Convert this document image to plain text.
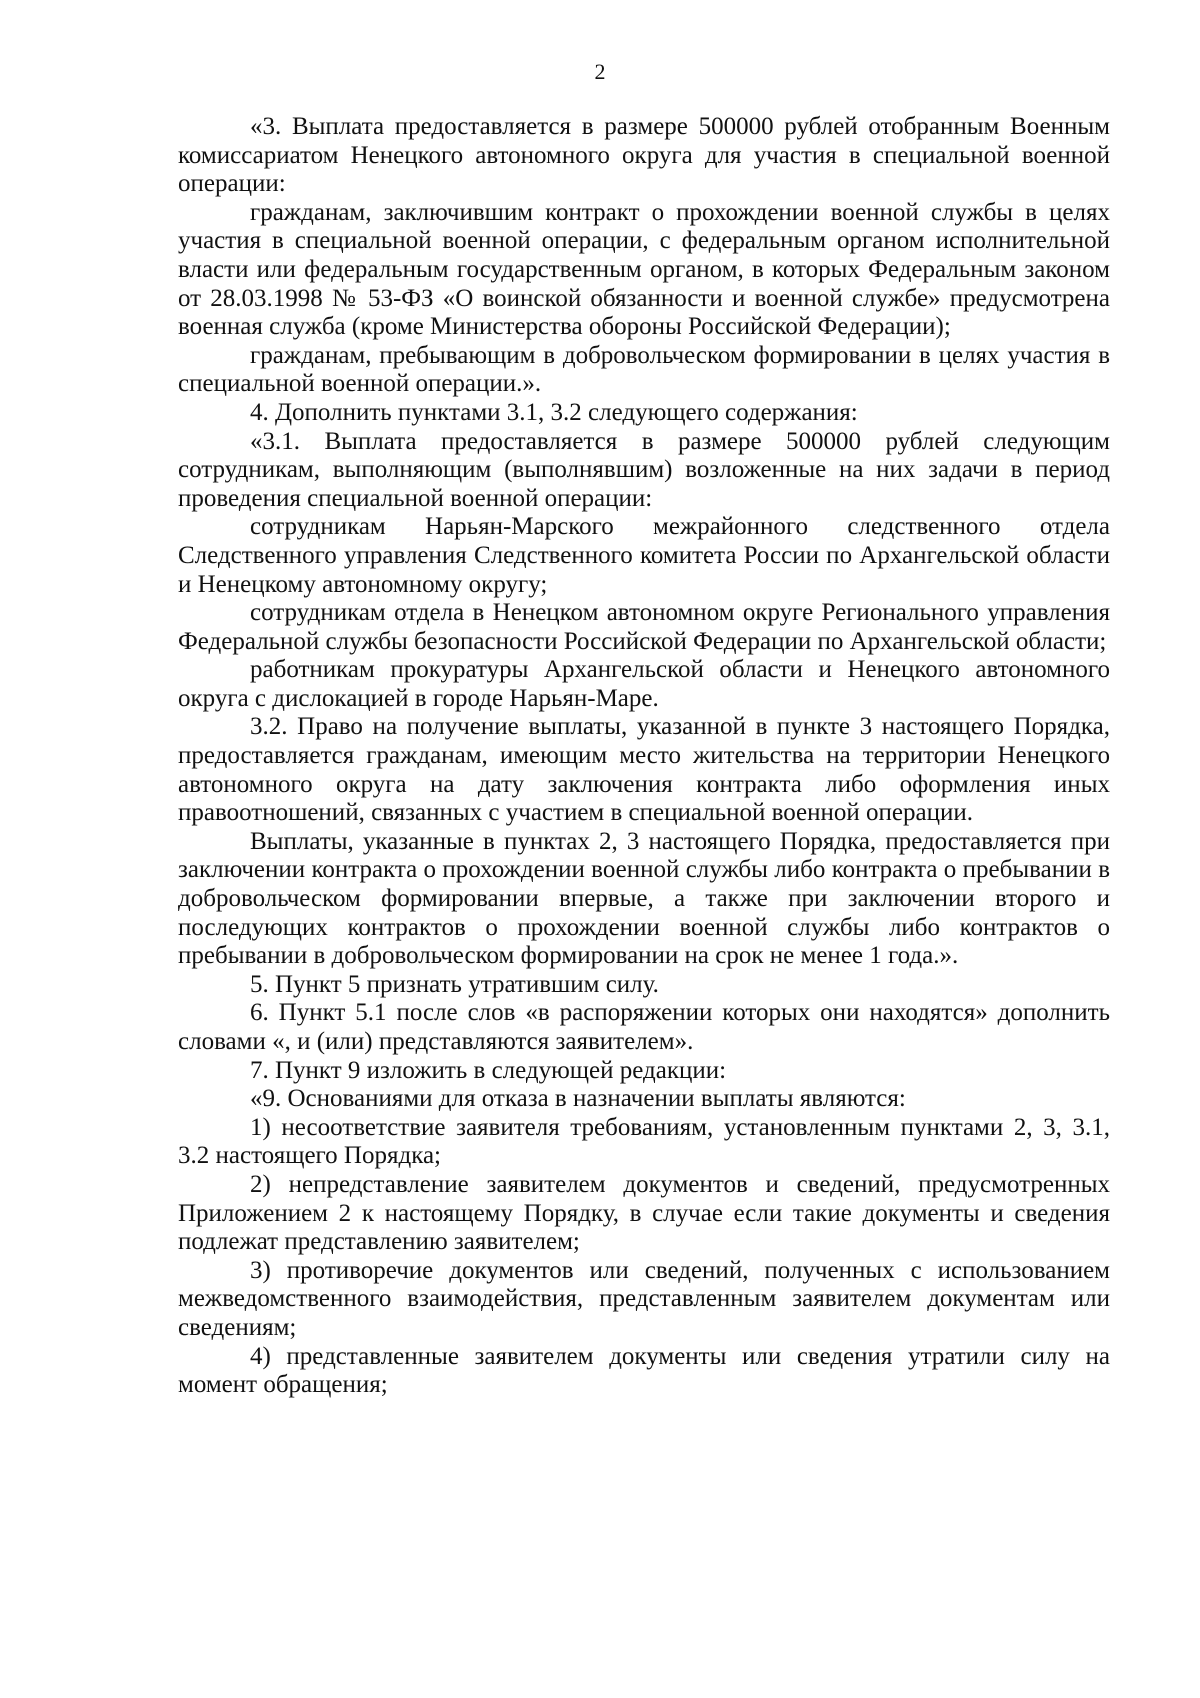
2

«3. Выплата предоставляется в размере 500000 рублей отобранным Военным комиссариатом Ненецкого автономного округа для участия в специальной военной операции:

гражданам, заключившим контракт о прохождении военной службы в целях участия в специальной военной операции, с федеральным органом исполнительной власти или федеральным государственным органом, в которых Федеральным законом от 28.03.1998 № 53-ФЗ «О воинской обязанности и военной службе» предусмотрена военная служба (кроме Министерства обороны Российской Федерации);

гражданам, пребывающим в добровольческом формировании в целях участия в специальной военной операции.».

4. Дополнить пунктами 3.1, 3.2 следующего содержания:

«3.1. Выплата предоставляется в размере 500000 рублей следующим сотрудникам, выполняющим (выполнявшим) возложенные на них задачи в период проведения специальной военной операции:

сотрудникам Нарьян-Марского межрайонного следственного отдела Следственного управления Следственного комитета России по Архангельской области и Ненецкому автономному округу;

сотрудникам отдела в Ненецком автономном округе Регионального управления Федеральной службы безопасности Российской Федерации по Архангельской области;

работникам прокуратуры Архангельской области и Ненецкого автономного округа с дислокацией в городе Нарьян-Маре.

3.2. Право на получение выплаты, указанной в пункте 3 настоящего Порядка, предоставляется гражданам, имеющим место жительства на территории Ненецкого автономного округа на дату заключения контракта либо оформления иных правоотношений, связанных с участием в специальной военной операции.

Выплаты, указанные в пунктах 2, 3 настоящего Порядка, предоставляется при заключении контракта о прохождении военной службы либо контракта о пребывании в добровольческом формировании впервые, а также при заключении второго и последующих контрактов о прохождении военной службы либо контрактов о пребывании в добровольческом формировании на срок не менее 1 года.».

5. Пункт 5 признать утратившим силу.

6. Пункт 5.1 после слов «в распоряжении которых они находятся» дополнить словами «, и (или) представляются заявителем».

7. Пункт 9 изложить в следующей редакции:

«9. Основаниями для отказа в назначении выплаты являются:

1) несоответствие заявителя требованиям, установленным пунктами 2, 3, 3.1, 3.2 настоящего Порядка;

2) непредставление заявителем документов и сведений, предусмотренных Приложением 2 к настоящему Порядку, в случае если такие документы и сведения подлежат представлению заявителем;

3) противоречие документов или сведений, полученных с использованием межведомственного взаимодействия, представленным заявителем документам или сведениям;

4) представленные заявителем документы или сведения утратили силу на момент обращения;
